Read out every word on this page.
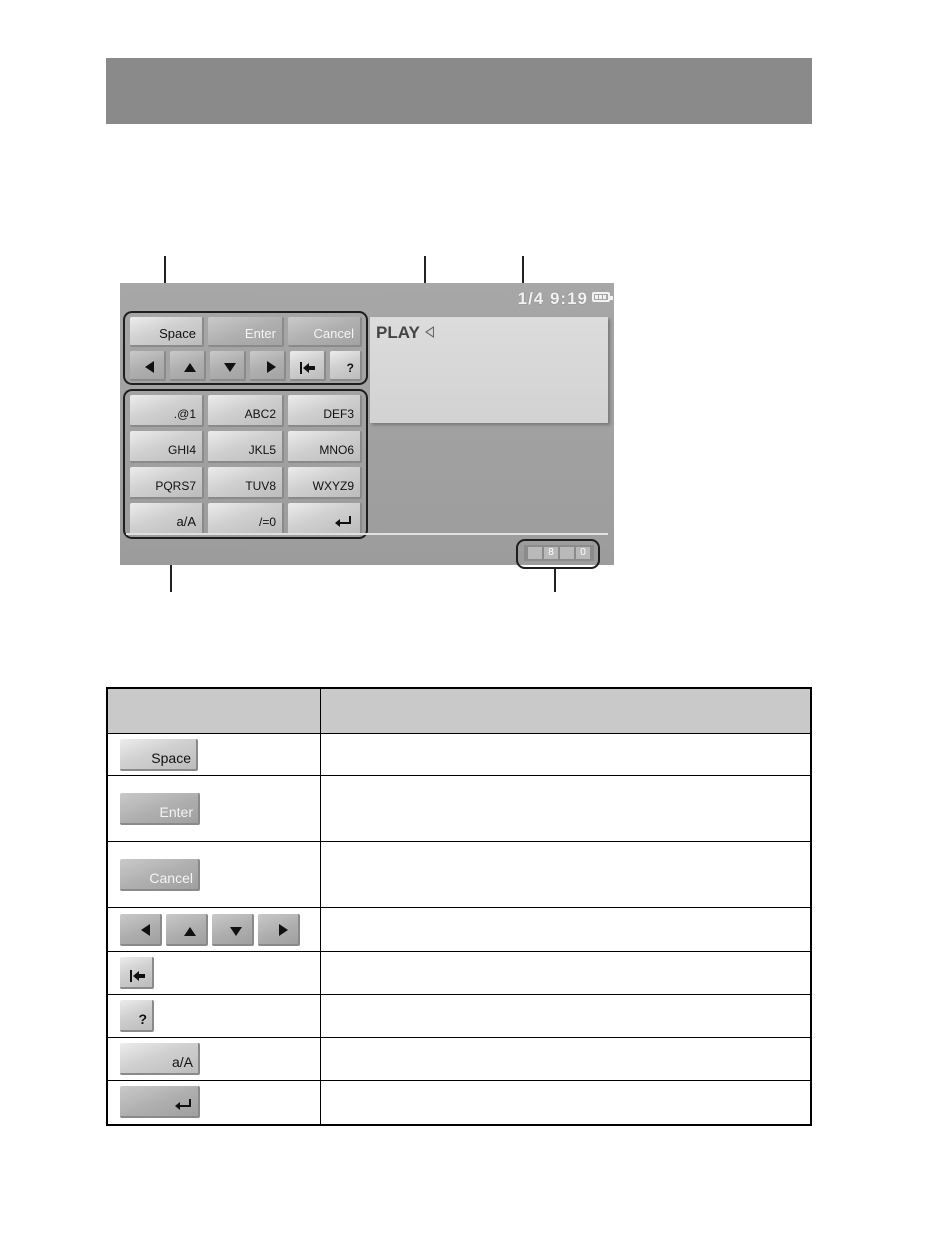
1/4 9:19
Space	Enter	Cancel
?
.@1	ABC2	DEF3
GHI4	JKL5	MNO6
PQRS7	TUV8	WXYZ9
a/A	/=0
PLAY
8	0

Space	

Enter	

Cancel	

?	

a/A	
